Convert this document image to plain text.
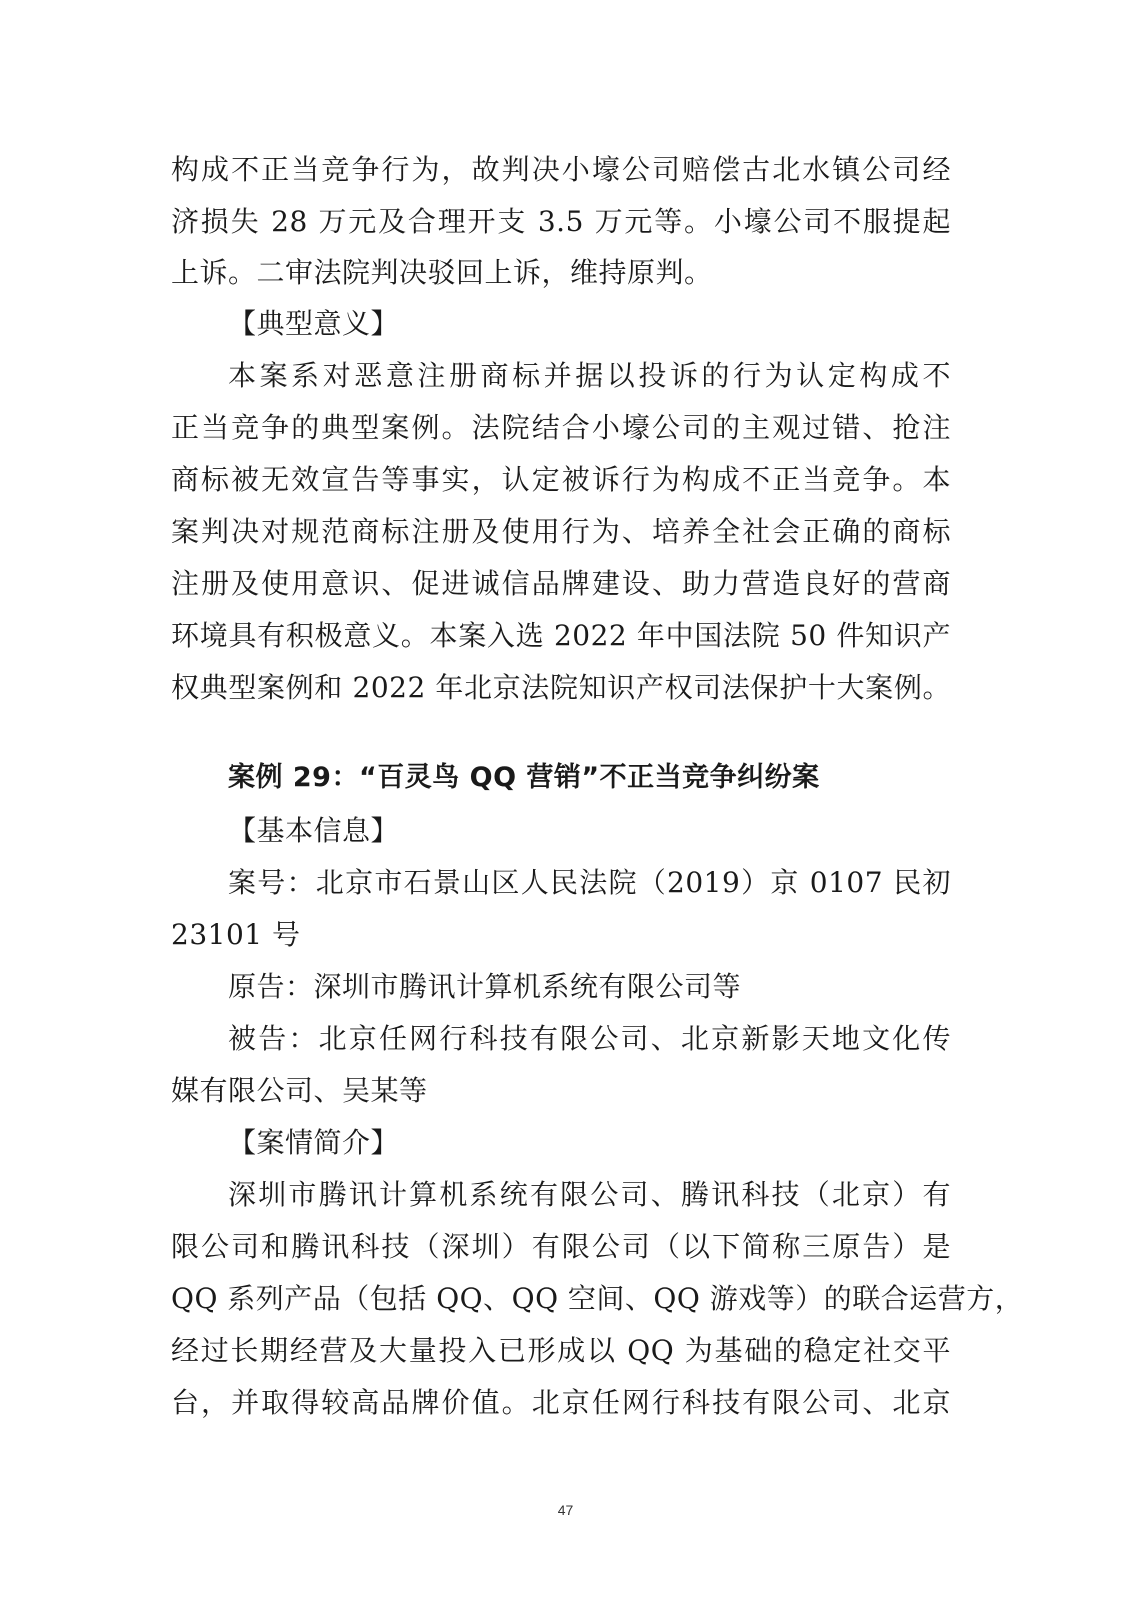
构成不正当竞争行为，故判决小壕公司赔偿古北水镇公司经
济损失 28 万元及合理开支 3.5 万元等。小壕公司不服提起
上诉。二审法院判决驳回上诉，维持原判。
【典型意义】
本案系对恶意注册商标并据以投诉的行为认定构成不
正当竞争的典型案例。法院结合小壕公司的主观过错、抢注
商标被无效宣告等事实，认定被诉行为构成不正当竞争。本
案判决对规范商标注册及使用行为、培养全社会正确的商标
注册及使用意识、促进诚信品牌建设、助力营造良好的营商
环境具有积极意义。本案入选 2022 年中国法院 50 件知识产
权典型案例和 2022 年北京法院知识产权司法保护十大案例。
案例 29：“百灵鸟 QQ 营销”不正当竞争纠纷案
【基本信息】
案号：北京市石景山区人民法院（2019）京 0107 民初
23101 号
原告：深圳市腾讯计算机系统有限公司等
被告：北京任网行科技有限公司、北京新影天地文化传
媒有限公司、吴某等
【案情简介】
深圳市腾讯计算机系统有限公司、腾讯科技（北京）有
限公司和腾讯科技（深圳）有限公司（以下简称三原告）是
QQ 系列产品（包括 QQ、QQ 空间、QQ 游戏等）的联合运营方，
经过长期经营及大量投入已形成以 QQ 为基础的稳定社交平
台，并取得较高品牌价值。北京任网行科技有限公司、北京
47
